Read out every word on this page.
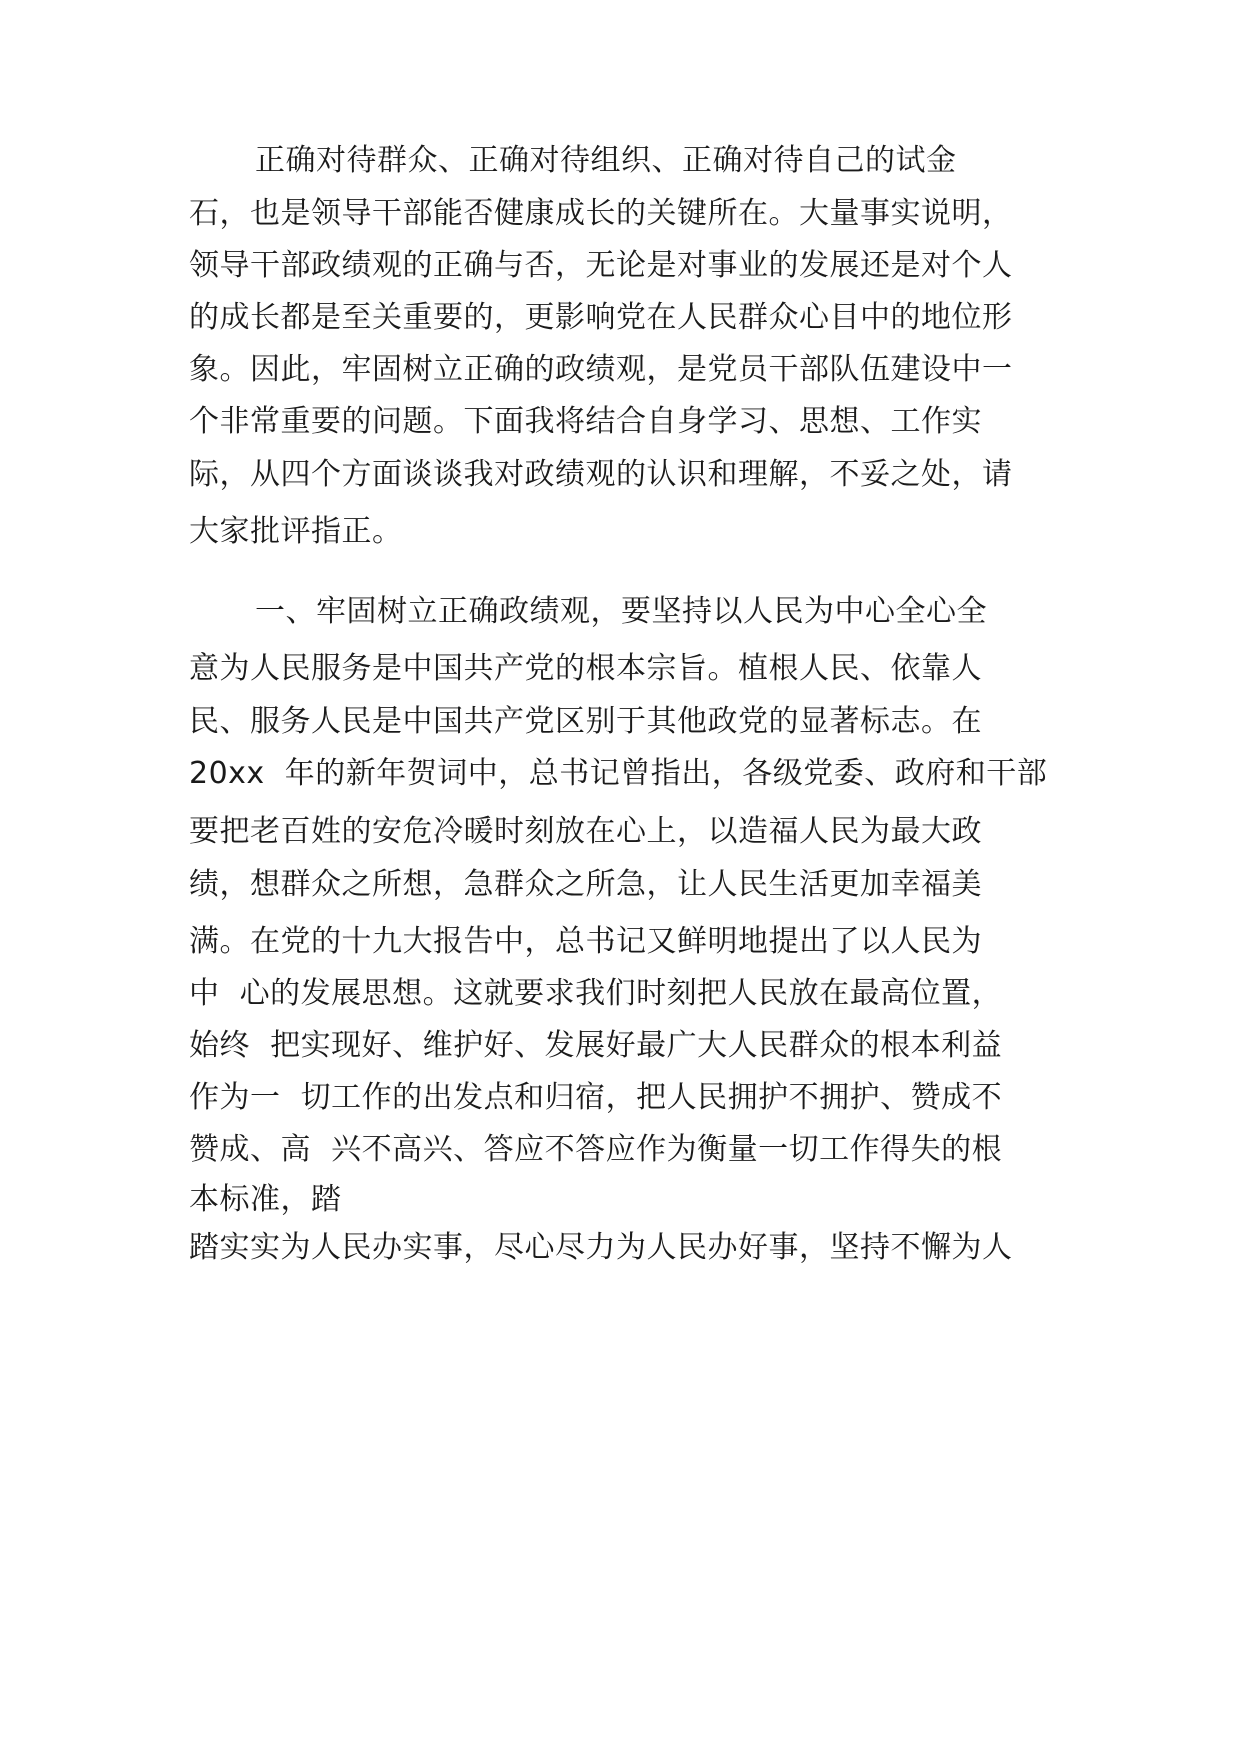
正确对待群众、正确对待组织、正确对待自己的试金
石，也是领导干部能否健康成长的关键所在。大量事实说明，
领导干部政绩观的正确与否，无论是对事业的发展还是对个人
的成长都是至关重要的，更影响党在人民群众心目中的地位形
象。因此，牢固树立正确的政绩观，是党员干部队伍建设中一
个非常重要的问题。下面我将结合自身学习、思想、工作实
际，从四个方面谈谈我对政绩观的认识和理解，不妥之处，请
大家批评指正。
一、牢固树立正确政绩观，要坚持以人民为中心全心全
意为人民服务是中国共产党的根本宗旨。植根人民、依靠人
民、服务人民是中国共产党区别于其他政党的显著标志。在
20xx  年的新年贺词中，总书记曾指出，各级党委、政府和干部
要把老百姓的安危冷暖时刻放在心上，以造福人民为最大政
绩，想群众之所想，急群众之所急，让人民生活更加幸福美
满。在党的十九大报告中，总书记又鲜明地提出了以人民为
中  心的发展思想。这就要求我们时刻把人民放在最高位置，
始终  把实现好、维护好、发展好最广大人民群众的根本利益
作为一  切工作的出发点和归宿，把人民拥护不拥护、赞成不
赞成、高  兴不高兴、答应不答应作为衡量一切工作得失的根
本标准，踏
踏实实为人民办实事，尽心尽力为人民办好事，坚持不懈为人
